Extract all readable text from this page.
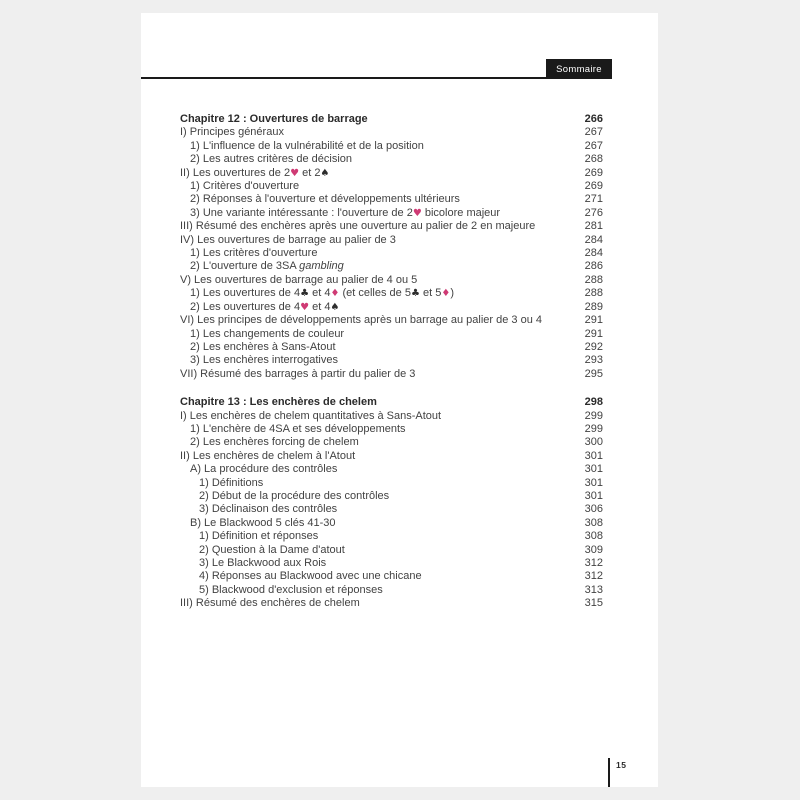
Sommaire
Chapitre 12 : Ouvertures de barrage	266
I) Principes généraux	267
1) L'influence de la vulnérabilité et de la position	267
2) Les autres critères de décision	268
II) Les ouvertures de 2♥ et 2♠	269
1) Critères d'ouverture	269
2) Réponses à l'ouverture et développements ultérieurs	271
3) Une variante intéressante : l'ouverture de 2♥ bicolore majeur	276
III) Résumé des enchères après une ouverture au palier de 2 en majeure	281
IV) Les ouvertures de barrage au palier de 3	284
1) Les critères d'ouverture	284
2) L'ouverture de 3SA gambling	286
V) Les ouvertures de barrage au palier de 4 ou 5	288
1) Les ouvertures de 4♣ et 4♦ (et celles de 5♣ et 5♦)	288
2) Les ouvertures de 4♥ et 4♠	289
VI) Les principes de développements après un barrage au palier de 3 ou 4	291
1) Les changements de couleur	291
2) Les enchères à Sans-Atout	292
3) Les enchères interrogatives	293
VII) Résumé des barrages à partir du palier de 3	295
Chapitre 13 : Les enchères de chelem	298
I) Les enchères de chelem quantitatives à Sans-Atout	299
1) L'enchère de 4SA et ses développements	299
2) Les enchères forcing de chelem	300
II) Les enchères de chelem à l'Atout	301
A) La procédure des contrôles	301
1) Définitions	301
2) Début de la procédure des contrôles	301
3) Déclinaison des contrôles	306
B) Le Blackwood 5 clés 41-30	308
1) Définition et réponses	308
2) Question à la Dame d'atout	309
3) Le Blackwood aux Rois	312
4) Réponses au Blackwood avec une chicane	312
5) Blackwood d'exclusion et réponses	313
III) Résumé des enchères de chelem	315
15
